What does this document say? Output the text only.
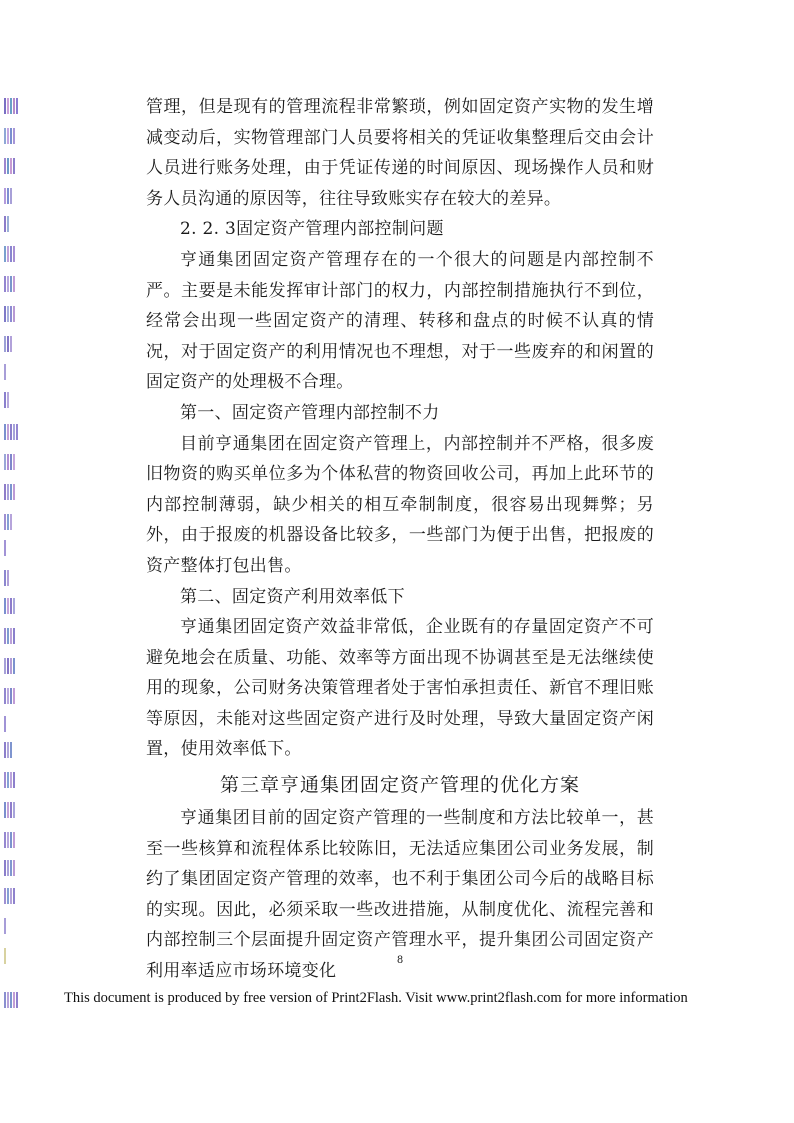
管理，但是现有的管理流程非常繁琐，例如固定资产实物的发生增减变动后，实物管理部门人员要将相关的凭证收集整理后交由会计人员进行账务处理，由于凭证传递的时间原因、现场操作人员和财务人员沟通的原因等，往往导致账实存在较大的差异。

2. 2. 3固定资产管理内部控制问题

亨通集团固定资产管理存在的一个很大的问题是内部控制不严。主要是未能发挥审计部门的权力，内部控制措施执行不到位，经常会出现一些固定资产的清理、转移和盘点的时候不认真的情况，对于固定资产的利用情况也不理想，对于一些废弃的和闲置的固定资产的处理极不合理。

第一、固定资产管理内部控制不力

目前亨通集团在固定资产管理上，内部控制并不严格，很多废旧物资的购买单位多为个体私营的物资回收公司，再加上此环节的内部控制薄弱，缺少相关的相互牵制制度，很容易出现舞弊；另外，由于报废的机器设备比较多，一些部门为便于出售，把报废的资产整体打包出售。

第二、固定资产利用效率低下

亨通集团固定资产效益非常低，企业既有的存量固定资产不可避免地会在质量、功能、效率等方面出现不协调甚至是无法继续使用的现象，公司财务决策管理者处于害怕承担责任、新官不理旧账等原因，未能对这些固定资产进行及时处理，导致大量固定资产闲置，使用效率低下。

第三章亨通集团固定资产管理的优化方案

亨通集团目前的固定资产管理的一些制度和方法比较单一，甚至一些核算和流程体系比较陈旧，无法适应集团公司业务发展，制约了集团固定资产管理的效率，也不利于集团公司今后的战略目标的实现。因此，必须采取一些改进措施，从制度优化、流程完善和内部控制三个层面提升固定资产管理水平，提升集团公司固定资产利用率适应市场环境变化

8
This document is produced by free version of Print2Flash. Visit www.print2flash.com for more information
